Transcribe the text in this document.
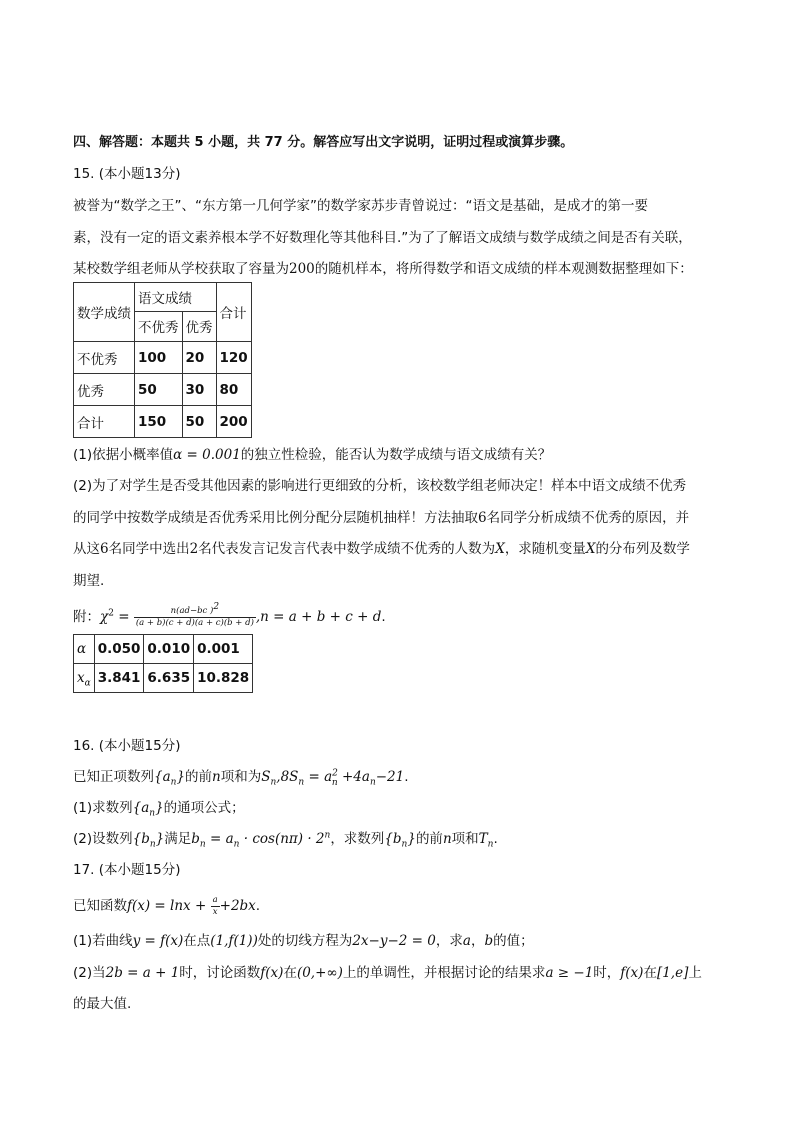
四、解答题：本题共 5 小题，共 77 分。解答应写出文字说明，证明过程或演算步骤。
15. (本小题13分)
被誉为“数学之王”、“东方第一几何学家”的数学家苏步青曾说过：“语文是基础，是成才的第一要
素，没有一定的语文素养根本学不好数理化等其他科目.”为了了解语文成绩与数学成绩之间是否有关联，
某校数学组老师从学校获取了容量为200的随机样本，将所得数学和语文成绩的样本观测数据整理如下：
数学成绩	语文成绩		合计
	不优秀	优秀	
不优秀	100	20	120
优秀	50	30	80
合计	150	50	200
(1)依据小概率值α = 0.001的独立性检验，能否认为数学成绩与语文成绩有关？
(2)为了对学生是否受其他因素的影响进行更细致的分析，该校数学组老师决定！样本中语文成绩不优秀
的同学中按数学成绩是否优秀采用比例分配分层随机抽样！方法抽取6名同学分析成绩不优秀的原因，并
从这6名同学中选出2名代表发言记发言代表中数学成绩不优秀的人数为X，求随机变量X的分布列及数学
期望.
附：$\chi^2 = \frac{n(ad-bc )^2}{(a + b)(c + d)(a + c)(b + d)} ,n = a + b + c + d$.
α	0.050	0.010	0.001
$x_\alpha$	3.841	6.635	10.828
16. (本小题15分)
已知正项数列$\{a_n\}$的前n项和为$S_n,8S_n = a^2_n +4a_n-21$.
(1)求数列$\{a_n\}$的通项公式；
(2)设数列$\{b_n\}$满足$b_n = a_n \cdot \cos(n\pi) \cdot 2^n$，求数列$\{b_n\}$的前n项和$T_n$.
17. (本小题15分)
已知函数$f(x) = \ln x + \frac{a}{x} +2bx$.
(1)若曲线y = f(x)在点(1,f(1))处的切线方程为2x−y−2 = 0，求a，b的值；
(2)当2b = a + 1时，讨论函数f(x)在(0,+∞)上的单调性，并根据讨论的结果求a ≥ −1时，f(x)在[1,e]上
的最大值.
